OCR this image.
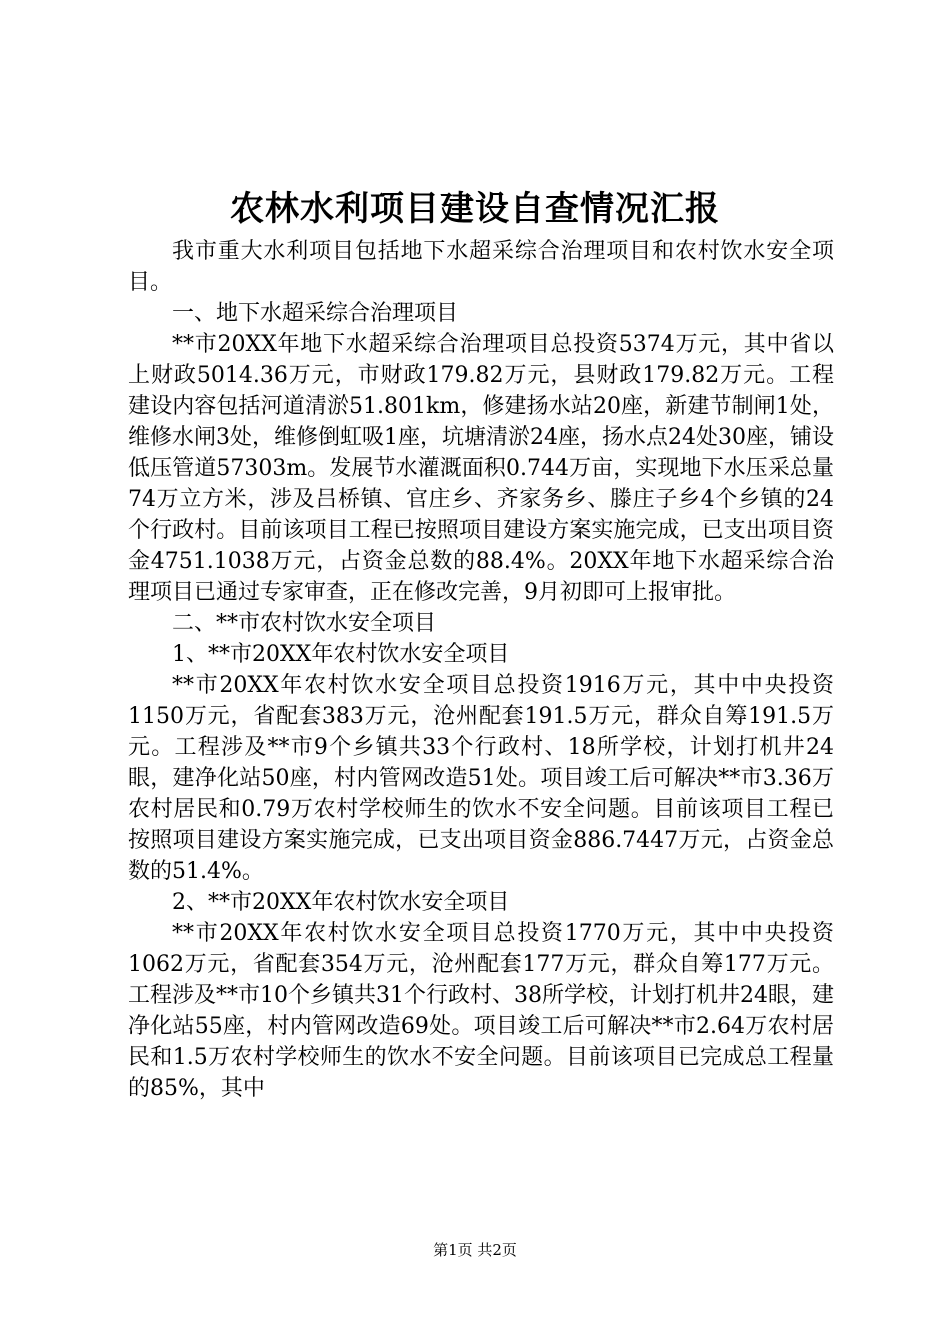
农林水利项目建设自查情况汇报

我市重大水利项目包括地下水超采综合治理项目和农村饮水安全项目。

一、地下水超采综合治理项目

**市20XX年地下水超采综合治理项目总投资5374万元，其中省以上财政5014.36万元，市财政179.82万元，县财政179.82万元。工程建设内容包括河道清淤51.801km，修建扬水站20座，新建节制闸1处，维修水闸3处，维修倒虹吸1座，坑塘清淤24座，扬水点24处30座，铺设低压管道57303m。发展节水灌溉面积0.744万亩，实现地下水压采总量74万立方米，涉及吕桥镇、官庄乡、齐家务乡、滕庄子乡4个乡镇的24个行政村。目前该项目工程已按照项目建设方案实施完成，已支出项目资金4751.1038万元，占资金总数的88.4%。20XX年地下水超采综合治理项目已通过专家审查，正在修改完善，9月初即可上报审批。

二、**市农村饮水安全项目

1、**市20XX年农村饮水安全项目

**市20XX年农村饮水安全项目总投资1916万元，其中中央投资1150万元，省配套383万元，沧州配套191.5万元，群众自筹191.5万元。工程涉及**市9个乡镇共33个行政村、18所学校，计划打机井24眼，建净化站50座，村内管网改造51处。项目竣工后可解决**市3.36万农村居民和0.79万农村学校师生的饮水不安全问题。目前该项目工程已按照项目建设方案实施完成，已支出项目资金886.7447万元，占资金总数的51.4%。

2、**市20XX年农村饮水安全项目

**市20XX年农村饮水安全项目总投资1770万元，其中中央投资1062万元，省配套354万元，沧州配套177万元，群众自筹177万元。工程涉及**市10个乡镇共31个行政村、38所学校，计划打机井24眼，建净化站55座，村内管网改造69处。项目竣工后可解决**市2.64万农村居民和1.5万农村学校师生的饮水不安全问题。目前该项目已完成总工程量的85%，其中

第1页 共2页
